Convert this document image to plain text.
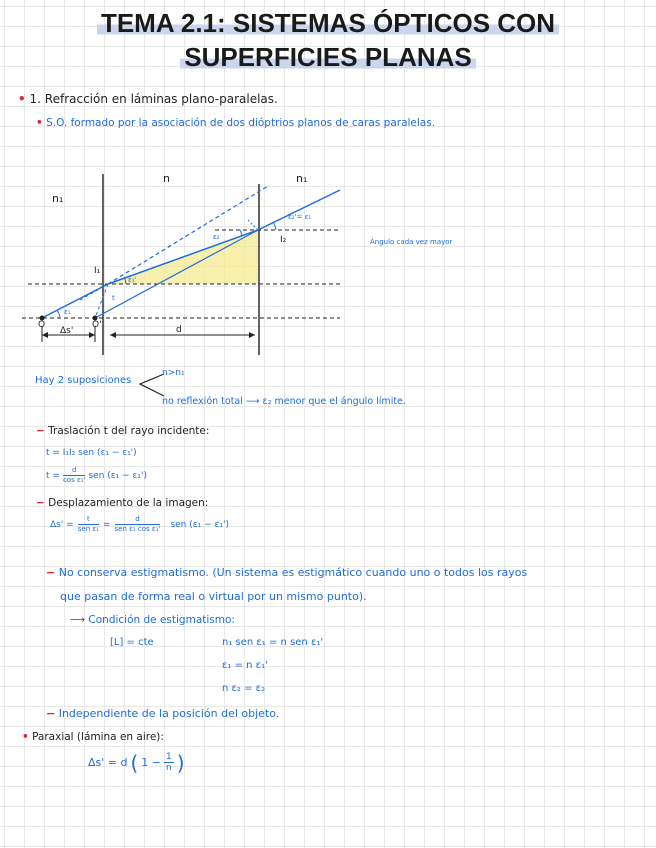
TEMA 2.1: SISTEMAS ÓPTICOS CON
SUPERFICIES PLANAS
• 1. Refracción en láminas plano-paralelas.
• S.O. formado por la asociación de dos dióptrios planos de caras paralelas.
n₁
n	n₁
I₁
I₂
O	O'
Δs'	d
ε₁
ε₁'
ε₂
ε₂'= ε₁
t
Ángulo cada vez mayor
Hay 2 suposiciones
n>n₁
no reflexión total ⟶ ε₂ menor que el ángulo límite.
− Traslación t del rayo incidente:
t = I₁I₂ sen (ε₁ − ε₁')
$t = \frac{d}{\text{cos ε₁'}}$ sen (ε₁ − ε₁')
− Desplazamiento de la imagen:
Δs' =
t
sen ε₁ =
d
sen ε₁ cos ε₁' sen (ε₁ − ε₁')
− No conserva estigmatismo. (Un sistema es estigmático cuando uno o todos los rayos
que pasan de forma real o virtual por un mismo punto).
⟶ Condición de estigmatismo:
[L] = cte	n₁ sen ε₁ = n sen ε₁'
ε₁ = n ε₁'
n ε₂ = ε₂
− Independiente de la posición del objeto.
• Paraxial (lámina en aire):
Δs' = d ( $1 - \frac{1}{n}$ )
